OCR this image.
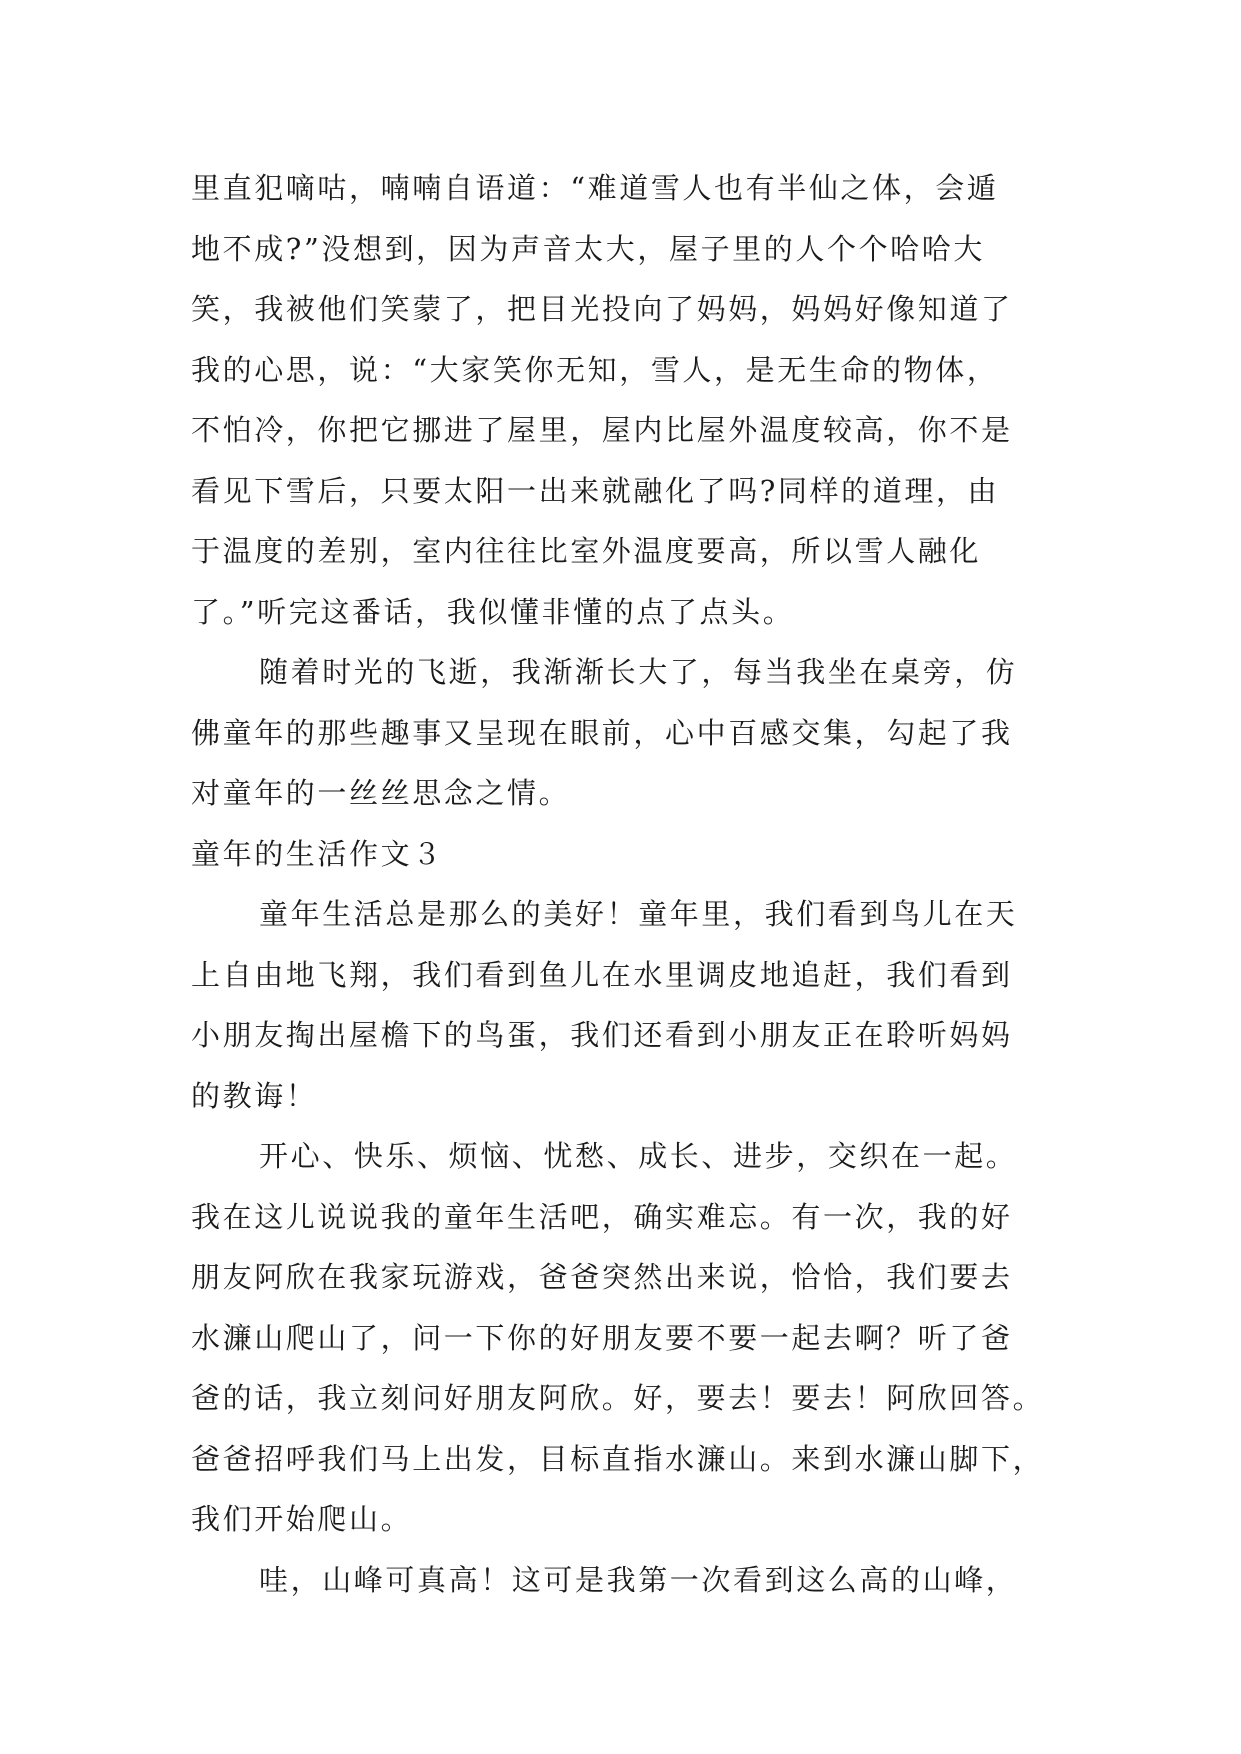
里直犯嘀咕，喃喃自语道：“难道雪人也有半仙之体，会遁
地不成?”没想到，因为声音太大，屋子里的人个个哈哈大
笑，我被他们笑蒙了，把目光投向了妈妈，妈妈好像知道了
我的心思，说：“大家笑你无知，雪人，是无生命的物体，
不怕冷，你把它挪进了屋里，屋内比屋外温度较高，你不是
看见下雪后，只要太阳一出来就融化了吗?同样的道理，由
于温度的差别，室内往往比室外温度要高，所以雪人融化
了。”听完这番话，我似懂非懂的点了点头。
随着时光的飞逝，我渐渐长大了，每当我坐在桌旁，仿
佛童年的那些趣事又呈现在眼前，心中百感交集，勾起了我
对童年的一丝丝思念之情。
童年的生活作文３
童年生活总是那么的美好！童年里，我们看到鸟儿在天
上自由地飞翔，我们看到鱼儿在水里调皮地追赶，我们看到
小朋友掏出屋檐下的鸟蛋，我们还看到小朋友正在聆听妈妈
的教诲！
开心、快乐、烦恼、忧愁、成长、进步，交织在一起。
我在这儿说说我的童年生活吧，确实难忘。有一次，我的好
朋友阿欣在我家玩游戏，爸爸突然出来说，恰恰，我们要去
水濂山爬山了，问一下你的好朋友要不要一起去啊？听了爸
爸的话，我立刻问好朋友阿欣。好，要去！要去！阿欣回答。
爸爸招呼我们马上出发，目标直指水濂山。来到水濂山脚下，
我们开始爬山。
哇，山峰可真高！这可是我第一次看到这么高的山峰，
